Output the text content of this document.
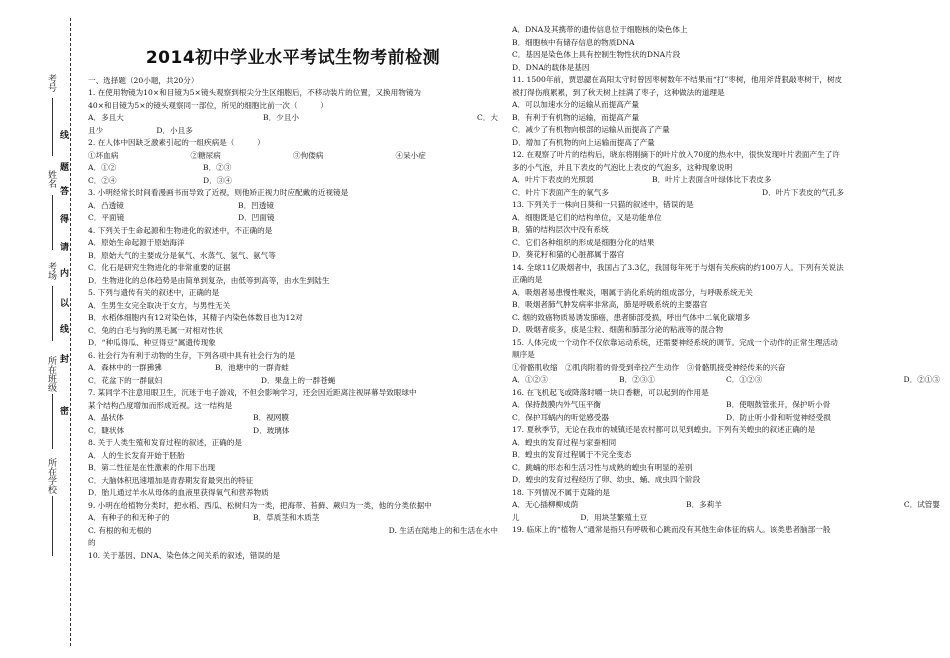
考号
姓名
考场
所在班级
所在学校
题
答
得
请
内
以
线
封
密
线
2014初中学业水平考试生物考前检测
一、选择题（20小题，共20分）
1. 在使用物镜为10×和目镜为5×镜头观察到根尖分生区细胞后，不移动装片的位置，又换用物镜为
40×和目镜为5×的镜头观察同一部位，所见的细胞比前一次（　　　）
A．多且大	B．少且小	C．大
且少　　　　　　　D．小且多
2. 在人体中因缺乏激素引起的一组疾病是（　　　）
①坏血病	②糖尿病	③佝偻病	④呆小症
A．①②	B．②③
C．②④	D．③④
3. 小明经常长时间看漫画书而导致了近视，则他矫正视力时应配戴的近视镜是
A．凸透镜	B．凹透镜
C．平面镜	D．凹面镜
4. 下列关于生命起源和生物进化的叙述中，不正确的是
A．原始生命起源于原始海洋
B．原始大气的主要成分是氧气、水蒸气、氢气、氨气等
C．化石是研究生物进化的非常重要的证据
D．生物进化的总体趋势是由简单到复杂，由低等到高等，由水生到陆生
5. 下列与遗传有关的叙述中，正确的是
A．生男生女完全取决于女方，与男性无关
B．水稻体细胞内有12对染色体，其精子内染色体数目也为12对
C．兔的白毛与狗的黑毛属一对相对性状
D．“种瓜得瓜、种豆得豆”属遗传现象
6. 社会行为有利于动物的生存，下列各项中具有社会行为的是
A．森林中的一群狒狒　　　　　　　B．池塘中的一群青蛙
C．花盆下的一群鼠妇　　　　　　　　　　　　　D．果盘上的一群苍蝇
7. 某同学不注意用眼卫生，沉迷于电子游戏，不但会影响学习，还会因近距离注视屏幕导致眼球中
某个结构凸度增加而形成近视。这一结构是
A．晶状体	B．视网膜
C．睫状体	D．玻璃体
8. 关于人类生殖和发育过程的叙述，正确的是
A．人的生长发育开始于胚胎
B．第二性征是在性激素的作用下出现
C．大脑体积迅速增加是青春期发育最突出的特征
D．胎儿通过羊水从母体的血液里获得氧气和营养物质
9. 小明在给植物分类时，把水稻、西瓜、松树归为一类，把海带、苔藓、蕨归为一类，他的分类依据中
A．有种子的和无种子的	B．草质茎和木质茎
C. 有根的和无根的	D. 生活在陆地上的和生活在水中
的
10. 关于基因、DNA、染色体之间关系的叙述，错误的是
A．DNA及其携带的遗传信息位于细胞核的染色体上
B．细胞核中有储存信息的物质DNA
C．基因是染色体上具有控制生物性状的DNA片段
D．DNA的载体是基因
11. 1500年前，贾思勰在高阳太守时曾因枣树数年不结果而“打”枣树，他用斧背狠敲枣树干，树皮
被打得伤痕累累，到了秋天树上挂满了枣子，这种做法的道理是
A．可以加速水分的运输从而提高产量
B．有利于有机物的运输，而提高产量
C．减少了有机物向根部的运输从而提高了产量
D．增加了有机物的向上运输而提高了产量
12. 在观察了叶片的结构后，晓东将刚摘下的叶片放入70度的热水中，很快发现叶片表面产生了许
多的小气泡，并且下表皮的气泡比上表皮的气泡多，这种现象说明
A．叶片下表皮的光照弱	B．叶片上表面含叶绿体比下表皮多
C．叶片下表面产生的氧气多	D．叶片下表皮的气孔多
13. 下列关于一株向日葵和一只猫的叙述中，错误的是
A．细胞既是它们的结构单位，又是功能单位
B．猫的结构层次中没有系统
C．它们各种组织的形成是细胞分化的结果
D．葵花籽和猫的心脏都属于器官
14. 全球11亿吸烟者中，我国占了3.3亿，我国每年死于与烟有关疾病的约100万人。下列有关说法
正确的是
A．吸烟者易患慢性喉炎，咽属于消化系统的组成部分，与呼吸系统无关
B．吸烟者肺气肿发病率非常高，肺是呼吸系统的主要器官
C. 烟的致癌物质易诱发肺癌，患者肺部受损，呼出气体中二氧化碳增多
D．吸烟者痰多，痰是尘粒、细菌和肺部分泌的粘液等的混合物
15. 人体完成一个动作不仅依靠运动系统，还需要神经系统的调节。完成一个动作的正常生理活动
顺序是
①骨骼肌收缩　②肌肉附着的骨受到牵拉产生动作　③骨骼肌接受神经传来的兴奋
A．①②③	B．②③①	C．①②③	D．②①③
16. 在飞机起飞或降落时嚼一块口香糖，可以起到的作用是
A．保持鼓膜内外气压平衡	B．使咽鼓管张开，保护听小骨
C．保护耳蜗内的听觉感受器	D．防止听小骨和听觉神经受损
17. 夏秋季节，无论在我市的城镇还是农村都可以见到蝗虫。下列有关蝗虫的叙述正确的是
A．蝗虫的发育过程与家蚕相同
B．蝗虫的发育过程属于不完全变态
C．跳蝻的形态和生活习性与成熟的蝗虫有明显的差别
D．蝗虫的发育过程经历了卵、幼虫、蛹、成虫四个阶段
18. 下列情况不属于克隆的是
A．无心插柳柳成荫	B．多莉羊	C．试管婴
儿　　　　　　　　D．用块茎繁殖土豆
19. 临床上的“植物人”通常是指只有呼吸和心跳而没有其他生命体征的病人。该类患者脑部一般
